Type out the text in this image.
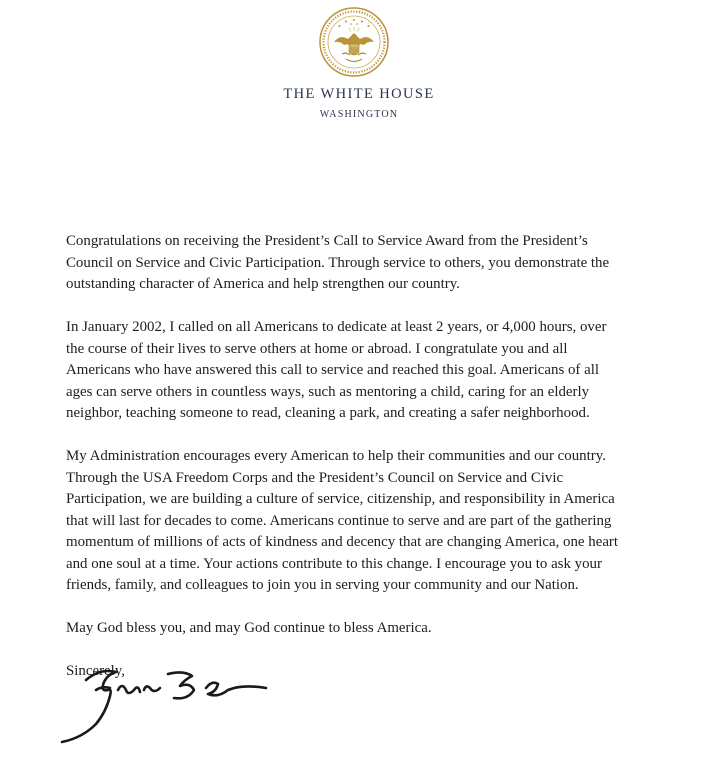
THE WHITE HOUSE
WASHINGTON

Congratulations on receiving the President’s Call to Service Award from the President’s
Council on Service and Civic Participation. Through service to others, you demonstrate the
outstanding character of America and help strengthen our country.

In January 2002, I called on all Americans to dedicate at least 2 years, or 4,000 hours, over
the course of their lives to serve others at home or abroad. I congratulate you and all
Americans who have answered this call to service and reached this goal. Americans of all
ages can serve others in countless ways, such as mentoring a child, caring for an elderly
neighbor, teaching someone to read, cleaning a park, and creating a safer neighborhood.

My Administration encourages every American to help their communities and our country.
Through the USA Freedom Corps and the President’s Council on Service and Civic
Participation, we are building a culture of service, citizenship, and responsibility in America
that will last for decades to come. Americans continue to serve and are part of the gathering
momentum of millions of acts of kindness and decency that are changing America, one heart
and one soul at a time. Your actions contribute to this change. I encourage you to ask your
friends, family, and colleagues to join you in serving your community and our Nation.

May God bless you, and may God continue to bless America.

Sincerely,
